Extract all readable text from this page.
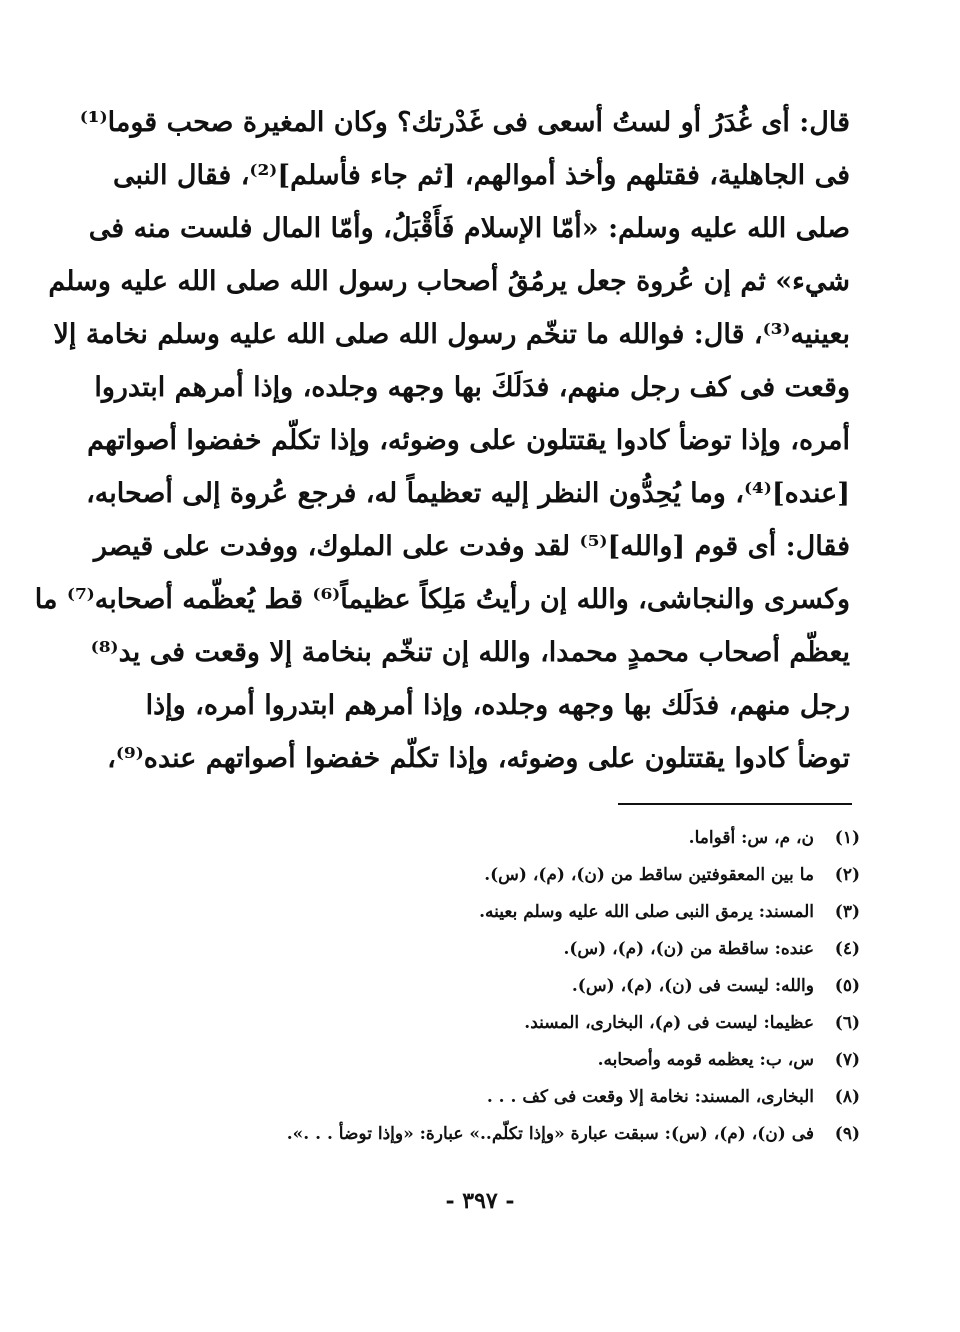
قال: أى غُدَرُ أو لستُ أسعى فى غَدْرتك؟ وكان المغيرة صحب قوما⁽¹⁾
فى الجاهلية، فقتلهم وأخذ أموالهم، [ثم جاء فأسلم]⁽²⁾، فقال النبى
صلى الله عليه وسلم: «أمّا الإسلام فَأَقْبَلُ، وأمّا المال فلست منه فى
شيء» ثم إن عُروة جعل يرمُقُ أصحاب رسول الله صلى الله عليه وسلم
بعينيه⁽³⁾، قال: فوالله ما تنخّم رسول الله صلى الله عليه وسلم نخامة إلا
وقعت فى كف رجل منهم، فدَلَكَ بها وجهه وجلده، وإذا أمرهم ابتدروا
أمره، وإذا توضأ كادوا يقتتلون على وضوئه، وإذا تكلّم خفضوا أصواتهم
[عنده]⁽⁴⁾، وما يُحِدُّون النظر إليه تعظيماً له، فرجع عُروة إلى أصحابه،
فقال: أى قوم [والله]⁽⁵⁾ لقد وفدت على الملوك، ووفدت على قيصر
وكسرى والنجاشى، والله إن رأيتُ مَلِكاً عظيماً⁽⁶⁾ قط يُعظّمه أصحابه⁽⁷⁾ ما
يعظّم أصحاب محمدٍ محمدا، والله إن تنخّم بنخامة إلا وقعت فى يد⁽⁸⁾
رجل منهم، فدَلَك بها وجهه وجلده، وإذا أمرهم ابتدروا أمره، وإذا
توضأ كادوا يقتتلون على وضوئه، وإذا تكلّم خفضوا أصواتهم عنده⁽⁹⁾،
(١)
ن، م، س: أقواما.
(٢)
ما بين المعقوفتين ساقط من (ن)، (م)، (س).
(٣)
المسند: يرمق النبى صلى الله عليه وسلم بعينه.
(٤)
عنده: ساقطة من (ن)، (م)، (س).
(٥)
والله: ليست فى (ن)، (م)، (س).
(٦)
عظيما: ليست فى (م)، البخارى، المسند.
(٧)
س، ب: يعظمه قومه وأصحابه.
(٨)
البخارى، المسند: نخامة إلا وقعت فى كف . . .
(٩)
فى (ن)، (م)، (س): سبقت عبارة «وإذا تكلّم..» عبارة: «وإذا توضأ . . .».
- ٣٩٧ -
